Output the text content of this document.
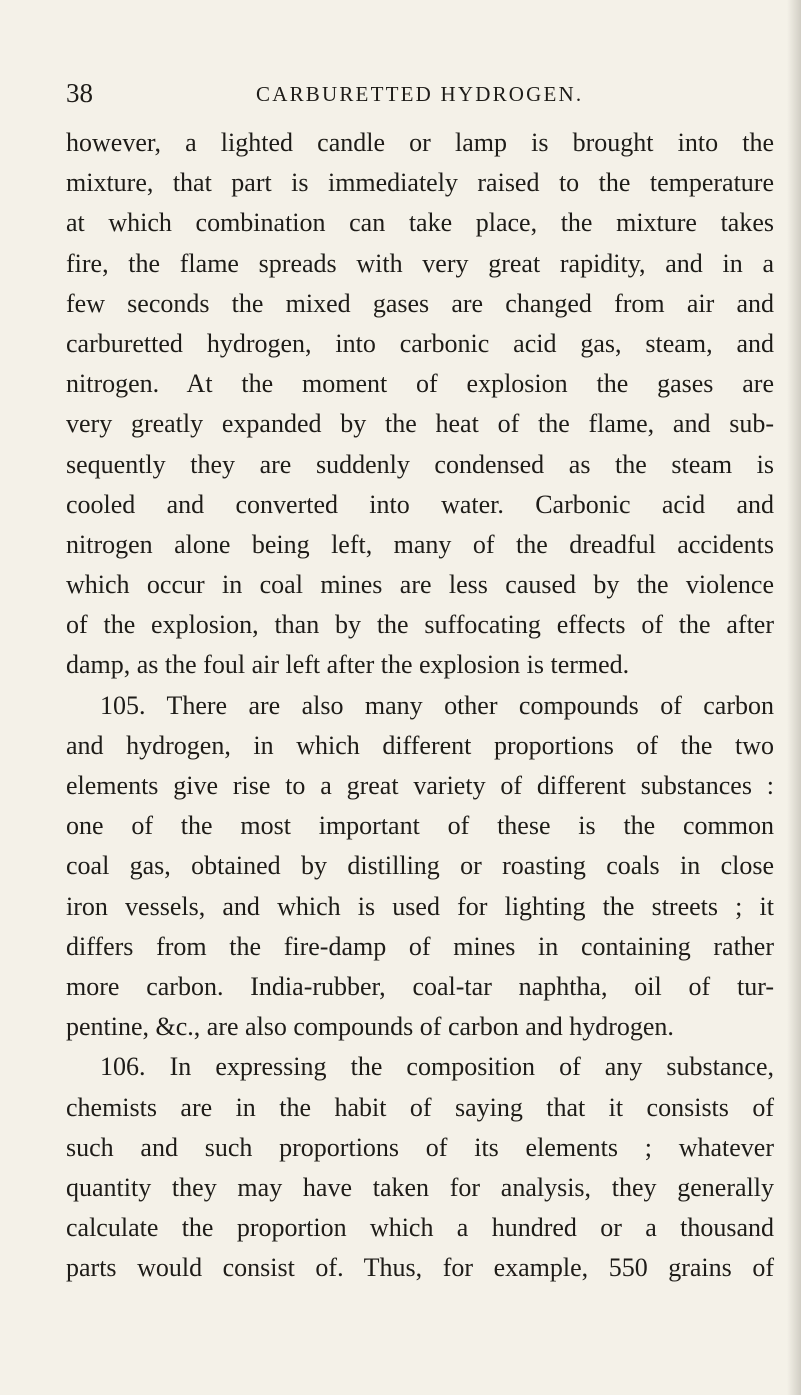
38	CARBURETTED HYDROGEN.
however, a lighted candle or lamp is brought into the
mixture, that part is immediately raised to the temperature
at which combination can take place, the mixture takes
fire, the flame spreads with very great rapidity, and in a
few seconds the mixed gases are changed from air and
carburetted hydrogen, into carbonic acid gas, steam, and
nitrogen. At the moment of explosion the gases are
very greatly expanded by the heat of the flame, and sub-
sequently they are suddenly condensed as the steam is
cooled and converted into water. Carbonic acid and
nitrogen alone being left, many of the dreadful accidents
which occur in coal mines are less caused by the violence
of the explosion, than by the suffocating effects of the after
damp, as the foul air left after the explosion is termed.
105. There are also many other compounds of carbon
and hydrogen, in which different proportions of the two
elements give rise to a great variety of different substances :
one of the most important of these is the common
coal gas, obtained by distilling or roasting coals in close
iron vessels, and which is used for lighting the streets ; it
differs from the fire-damp of mines in containing rather
more carbon. India-rubber, coal-tar naphtha, oil of tur-
pentine, &c., are also compounds of carbon and hydrogen.
106. In expressing the composition of any substance,
chemists are in the habit of saying that it consists of
such and such proportions of its elements ; whatever
quantity they may have taken for analysis, they generally
calculate the proportion which a hundred or a thousand
parts would consist of. Thus, for example, 550 grains of
